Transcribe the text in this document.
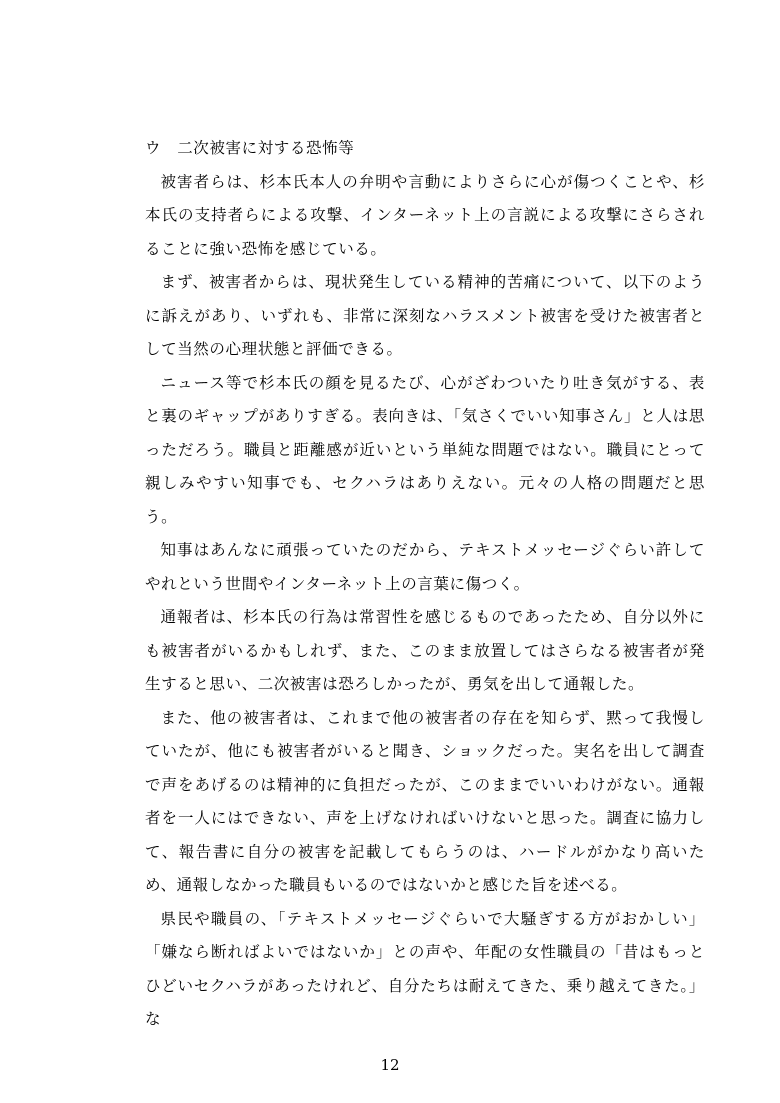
ウ　二次被害に対する恐怖等

被害者らは、杉本氏本人の弁明や言動によりさらに心が傷つくことや、杉本氏の支持者らによる攻撃、インターネット上の言説による攻撃にさらされることに強い恐怖を感じている。

まず、被害者からは、現状発生している精神的苦痛について、以下のように訴えがあり、いずれも、非常に深刻なハラスメント被害を受けた被害者として当然の心理状態と評価できる。

ニュース等で杉本氏の顔を見るたび、心がざわついたり吐き気がする、表と裏のギャップがありすぎる。表向きは、「気さくでいい知事さん」と人は思っただろう。職員と距離感が近いという単純な問題ではない。職員にとって親しみやすい知事でも、セクハラはありえない。元々の人格の問題だと思う。

知事はあんなに頑張っていたのだから、テキストメッセージぐらい許してやれという世間やインターネット上の言葉に傷つく。

通報者は、杉本氏の行為は常習性を感じるものであったため、自分以外にも被害者がいるかもしれず、また、このまま放置してはさらなる被害者が発生すると思い、二次被害は恐ろしかったが、勇気を出して通報した。

また、他の被害者は、これまで他の被害者の存在を知らず、黙って我慢していたが、他にも被害者がいると聞き、ショックだった。実名を出して調査で声をあげるのは精神的に負担だったが、このままでいいわけがない。通報者を一人にはできない、声を上げなければいけないと思った。調査に協力して、報告書に自分の被害を記載してもらうのは、ハードルがかなり高いため、通報しなかった職員もいるのではないかと感じた旨を述べる。

県民や職員の、「テキストメッセージぐらいで大騒ぎする方がおかしい」「嫌なら断ればよいではないか」との声や、年配の女性職員の「昔はもっとひどいセクハラがあったけれど、自分たちは耐えてきた、乗り越えてきた。」な

12
